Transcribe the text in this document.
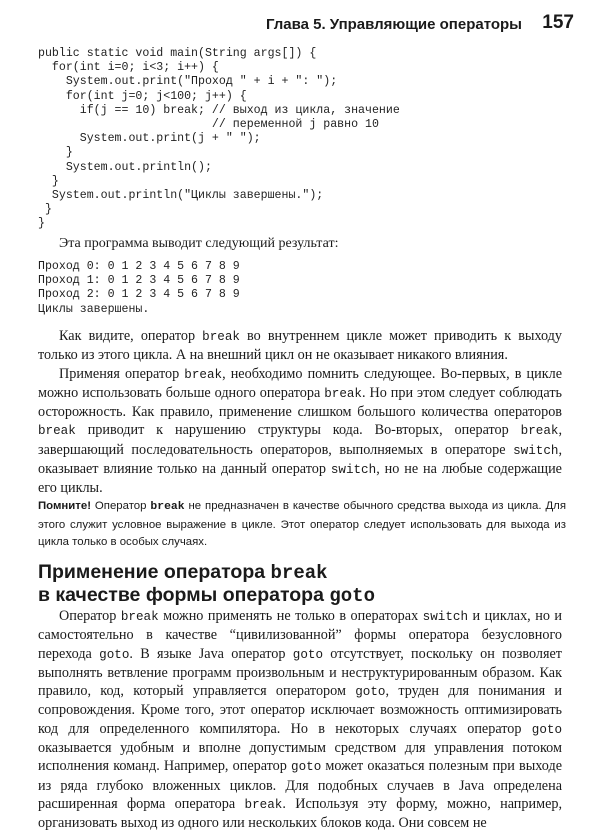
Глава 5. Управляющие операторы 157
public static void main(String args[]) {
for(int i=0; i<3; i++) {
System.out.print("Проход " + i + ": ");
for(int j=0; j<100; j++) {
if(j == 10) break; // выход из цикла, значение
// переменной j равно 10
System.out.print(j + " ");
}
System.out.println();
}
System.out.println("Циклы завершены.");
}
}
Эта программа выводит следующий результат:
Проход 0: 0 1 2 3 4 5 6 7 8 9
Проход 1: 0 1 2 3 4 5 6 7 8 9
Проход 2: 0 1 2 3 4 5 6 7 8 9
Циклы завершены.

Как видите, оператор break во внутреннем цикле может приводить к выходу только из этого цикла. А на внешний цикл он не оказывает никакого влияния.

Применяя оператор break, необходимо помнить следующее. Во-первых, в цикле можно использовать больше одного оператора break. Но при этом следует соблюдать осторожность. Как правило, применение слишком большого количества операторов break приводит к нарушению структуры кода. Во-вторых, оператор break, завершающий последовательность операторов, выполняемых в операторе switch, оказывает влияние только на данный оператор switch, но не на любые содержащие его циклы.

Помните! Оператор break не предназначен в качестве обычного средства выхода из цикла. Для этого служит условное выражение в цикле. Этот оператор следует использовать для выхода из цикла только в особых случаях.
Применение оператора break
в качестве формы оператора goto

Оператор break можно применять не только в операторах switch и циклах, но и самостоятельно в качестве “цивилизованной” формы оператора безусловного перехода goto. В языке Java оператор goto отсутствует, поскольку он позволяет выполнять ветвление программ произвольным и неструктурированным образом. Как правило, код, который управляется оператором goto, труден для понимания и сопровождения. Кроме того, этот оператор исключает возможность оптимизировать код для определенного компилятора. Но в некоторых случаях оператор goto оказывается удобным и вполне допустимым средством для управления потоком исполнения команд. Например, оператор goto может оказаться полезным при выходе из ряда глубоко вложенных циклов. Для подобных случаев в Java определена расширенная форма оператора break. Используя эту форму, можно, например, организовать выход из одного или нескольких блоков кода. Они совсем не
